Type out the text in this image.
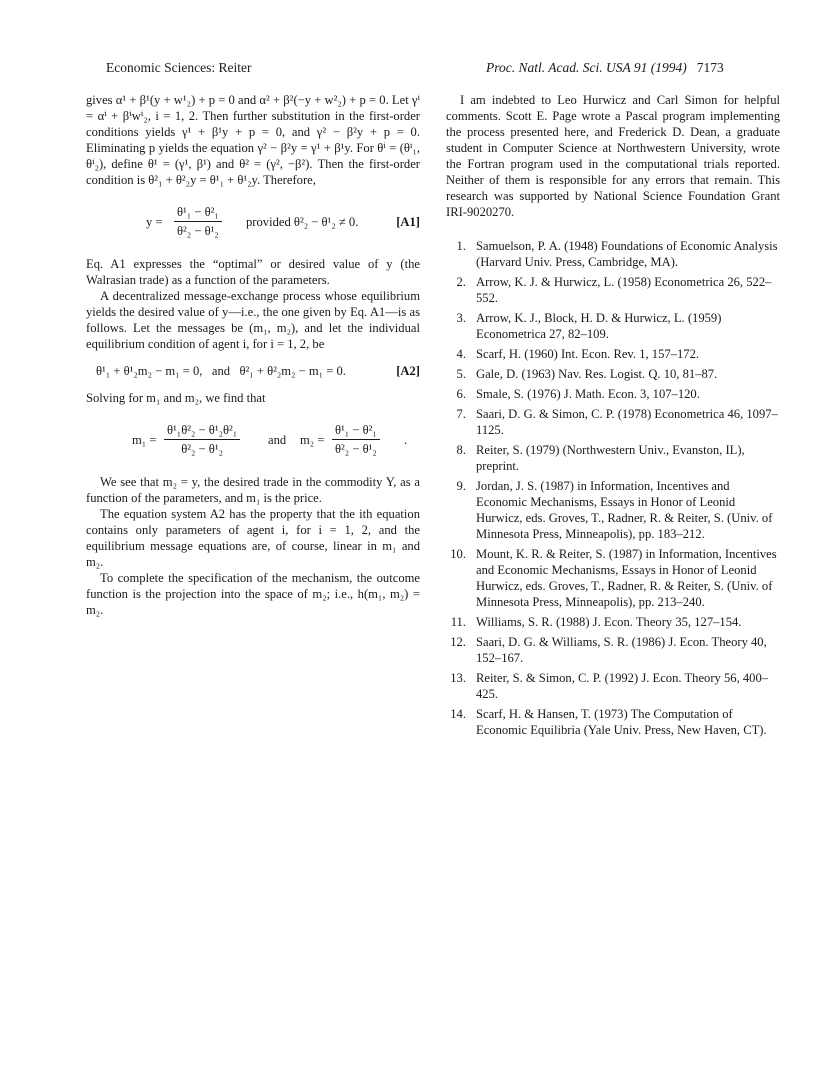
Economic Sciences: Reiter	Proc. Natl. Acad. Sci. USA 91 (1994) 7173

gives α¹ + β¹(y + w¹₂) + p = 0 and α² + β²(−y + w²₂) + p = 0. Let γⁱ = αⁱ + βⁱwⁱ₂, i = 1, 2. Then further substitution in the first-order conditions yields γ¹ + β¹y + p = 0, and γ² − β²y + p = 0. Eliminating p yields the equation γ² − β²y = γ¹ + β¹y. For θⁱ = (θⁱ₁, θⁱ₂), define θ¹ = (γ¹, β¹) and θ² = (γ², −β²). Then the first-order condition is θ²₁ + θ²₂y = θ¹₁ + θ¹₂y. Therefore,

$y = \frac{\text{θ¹₁ − θ²₁}}{\text{θ²₂ − θ¹₂}}$ provided θ²₂ − θ¹₂ ≠ 0.	[A1]

Eq. A1 expresses the “optimal” or desired value of y (the Walrasian trade) as a function of the parameters.

A decentralized message-exchange process whose equilibrium yields the desired value of y—i.e., the one given by Eq. A1—is as follows. Let the messages be (m₁, m₂), and let the individual equilibrium condition of agent i, for i = 1, 2, be

θ¹₁ + θ¹₂m₂ − m₁ = 0,   and   θ²₁ + θ²₂m₂ − m₁ = 0.	[A2]

Solving for m₁ and m₂, we find that

$m_1 = \frac{\text{θ¹₁θ²₂ − θ¹₂θ²₁}}{\text{θ²₂ − θ¹₂}}$ and $m_2 = \frac{\text{θ¹₁ − θ²₁}}{\text{θ²₂ − θ¹₂}}$ .

We see that m₂ = y, the desired trade in the commodity Y, as a function of the parameters, and m₁ is the price.

The equation system A2 has the property that the ith equation contains only parameters of agent i, for i = 1, 2, and the equilibrium message equations are, of course, linear in m₁ and m₂.

To complete the specification of the mechanism, the outcome function is the projection into the space of m₂; i.e., h(m₁, m₂) = m₂.

I am indebted to Leo Hurwicz and Carl Simon for helpful comments. Scott E. Page wrote a Pascal program implementing the process presented here, and Frederick D. Dean, a graduate student in Computer Science at Northwestern University, wrote the Fortran program used in the computational trials reported. Neither of them is responsible for any errors that remain. This research was supported by National Science Foundation Grant IRI-9020270.

1. Samuelson, P. A. (1948) Foundations of Economic Analysis (Harvard Univ. Press, Cambridge, MA).
2. Arrow, K. J. & Hurwicz, L. (1958) Econometrica 26, 522–552.
3. Arrow, K. J., Block, H. D. & Hurwicz, L. (1959) Econometrica 27, 82–109.
4. Scarf, H. (1960) Int. Econ. Rev. 1, 157–172.
5. Gale, D. (1963) Nav. Res. Logist. Q. 10, 81–87.
6. Smale, S. (1976) J. Math. Econ. 3, 107–120.
7. Saari, D. G. & Simon, C. P. (1978) Econometrica 46, 1097–1125.
8. Reiter, S. (1979) (Northwestern Univ., Evanston, IL), preprint.
9. Jordan, J. S. (1987) in Information, Incentives and Economic Mechanisms, Essays in Honor of Leonid Hurwicz, eds. Groves, T., Radner, R. & Reiter, S. (Univ. of Minnesota Press, Minneapolis), pp. 183–212.
10. Mount, K. R. & Reiter, S. (1987) in Information, Incentives and Economic Mechanisms, Essays in Honor of Leonid Hurwicz, eds. Groves, T., Radner, R. & Reiter, S. (Univ. of Minnesota Press, Minneapolis), pp. 213–240.
11. Williams, S. R. (1988) J. Econ. Theory 35, 127–154.
12. Saari, D. G. & Williams, S. R. (1986) J. Econ. Theory 40, 152–167.
13. Reiter, S. & Simon, C. P. (1992) J. Econ. Theory 56, 400–425.
14. Scarf, H. & Hansen, T. (1973) The Computation of Economic Equilibria (Yale Univ. Press, New Haven, CT).
